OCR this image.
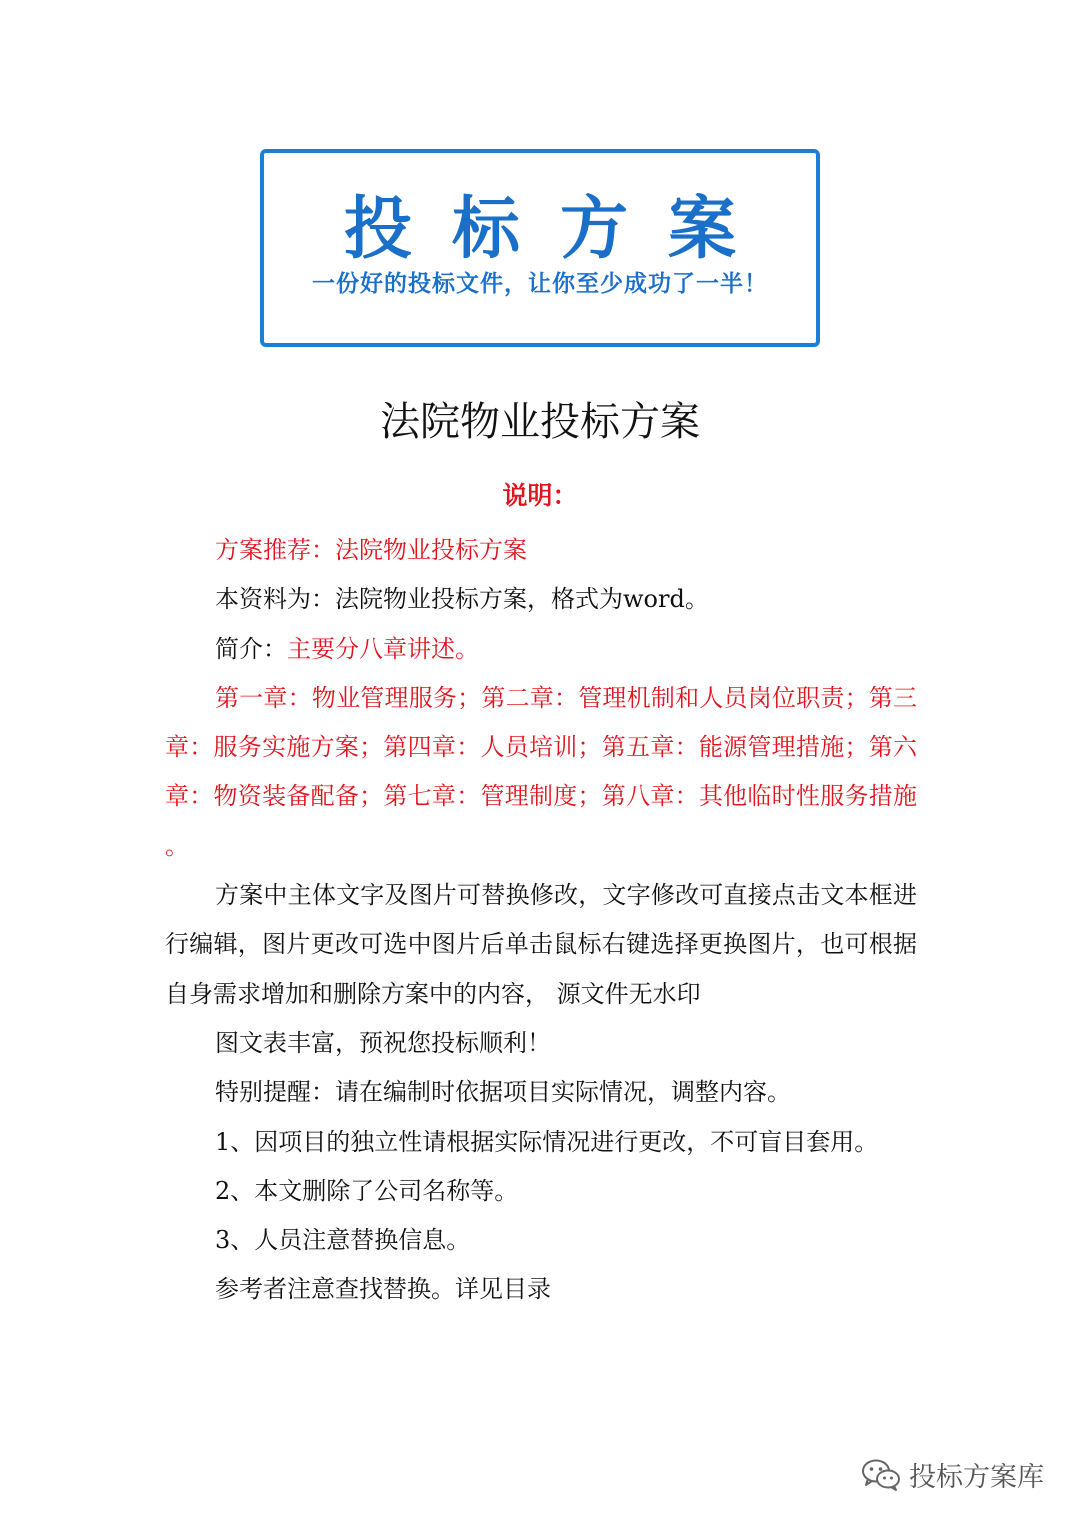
投标方案
一份好的投标文件，让你至少成功了一半！
法院物业投标方案
说明：

方案推荐：法院物业投标方案

本资料为：法院物业投标方案，格式为word。

简介：主要分八章讲述。

第一章：物业管理服务；第二章：管理机制和人员岗位职责；第三章：服务实施方案；第四章：人员培训；第五章：能源管理措施；第六章：物资装备配备；第七章：管理制度；第八章：其他临时性服务措施 。

方案中主体文字及图片可替换修改，文字修改可直接点击文本框进行编辑，图片更改可选中图片后单击鼠标右键选择更换图片，也可根据自身需求增加和删除方案中的内容， 源文件无水印

图文表丰富，预祝您投标顺利！

特别提醒：请在编制时依据项目实际情况，调整内容。

1、因项目的独立性请根据实际情况进行更改，不可盲目套用。

2、本文删除了公司名称等。

3、人员注意替换信息。

参考者注意查找替换。详见目录

投标方案库
